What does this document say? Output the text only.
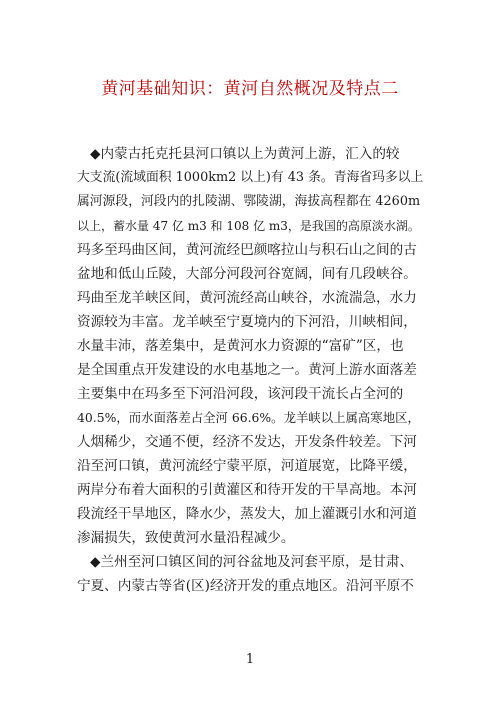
黄河基础知识：黄河自然概况及特点二
◆内蒙古托克托县河口镇以上为黄河上游，汇入的较
大支流(流域面积 1000km2 以上)有 43 条。青海省玛多以上
属河源段，河段内的扎陵湖、鄂陵湖，海拔高程都在 4260m
以上，蓄水量 47 亿 m3 和 108 亿 m3，是我国的高原淡水湖。
玛多至玛曲区间，黄河流经巴颜喀拉山与积石山之间的古
盆地和低山丘陵，大部分河段河谷宽阔，间有几段峡谷。
玛曲至龙羊峡区间，黄河流经高山峡谷，水流湍急，水力
资源较为丰富。龙羊峡至宁夏境内的下河沿，川峡相间，
水量丰沛，落差集中，是黄河水力资源的“富矿”区，也
是全国重点开发建设的水电基地之一。黄河上游水面落差
主要集中在玛多至下河沿河段，该河段干流长占全河的
40.5%，而水面落差占全河 66.6%。龙羊峡以上属高寒地区，
人烟稀少，交通不便，经济不发达，开发条件较差。下河
沿至河口镇，黄河流经宁蒙平原，河道展宽，比降平缓，
两岸分布着大面积的引黄灌区和待开发的干旱高地。本河
段流经干旱地区，降水少，蒸发大，加上灌溉引水和河道
渗漏损失，致使黄河水量沿程减少。
◆兰州至河口镇区间的河谷盆地及河套平原，是甘肃、
宁夏、内蒙古等省(区)经济开发的重点地区。沿河平原不
1
